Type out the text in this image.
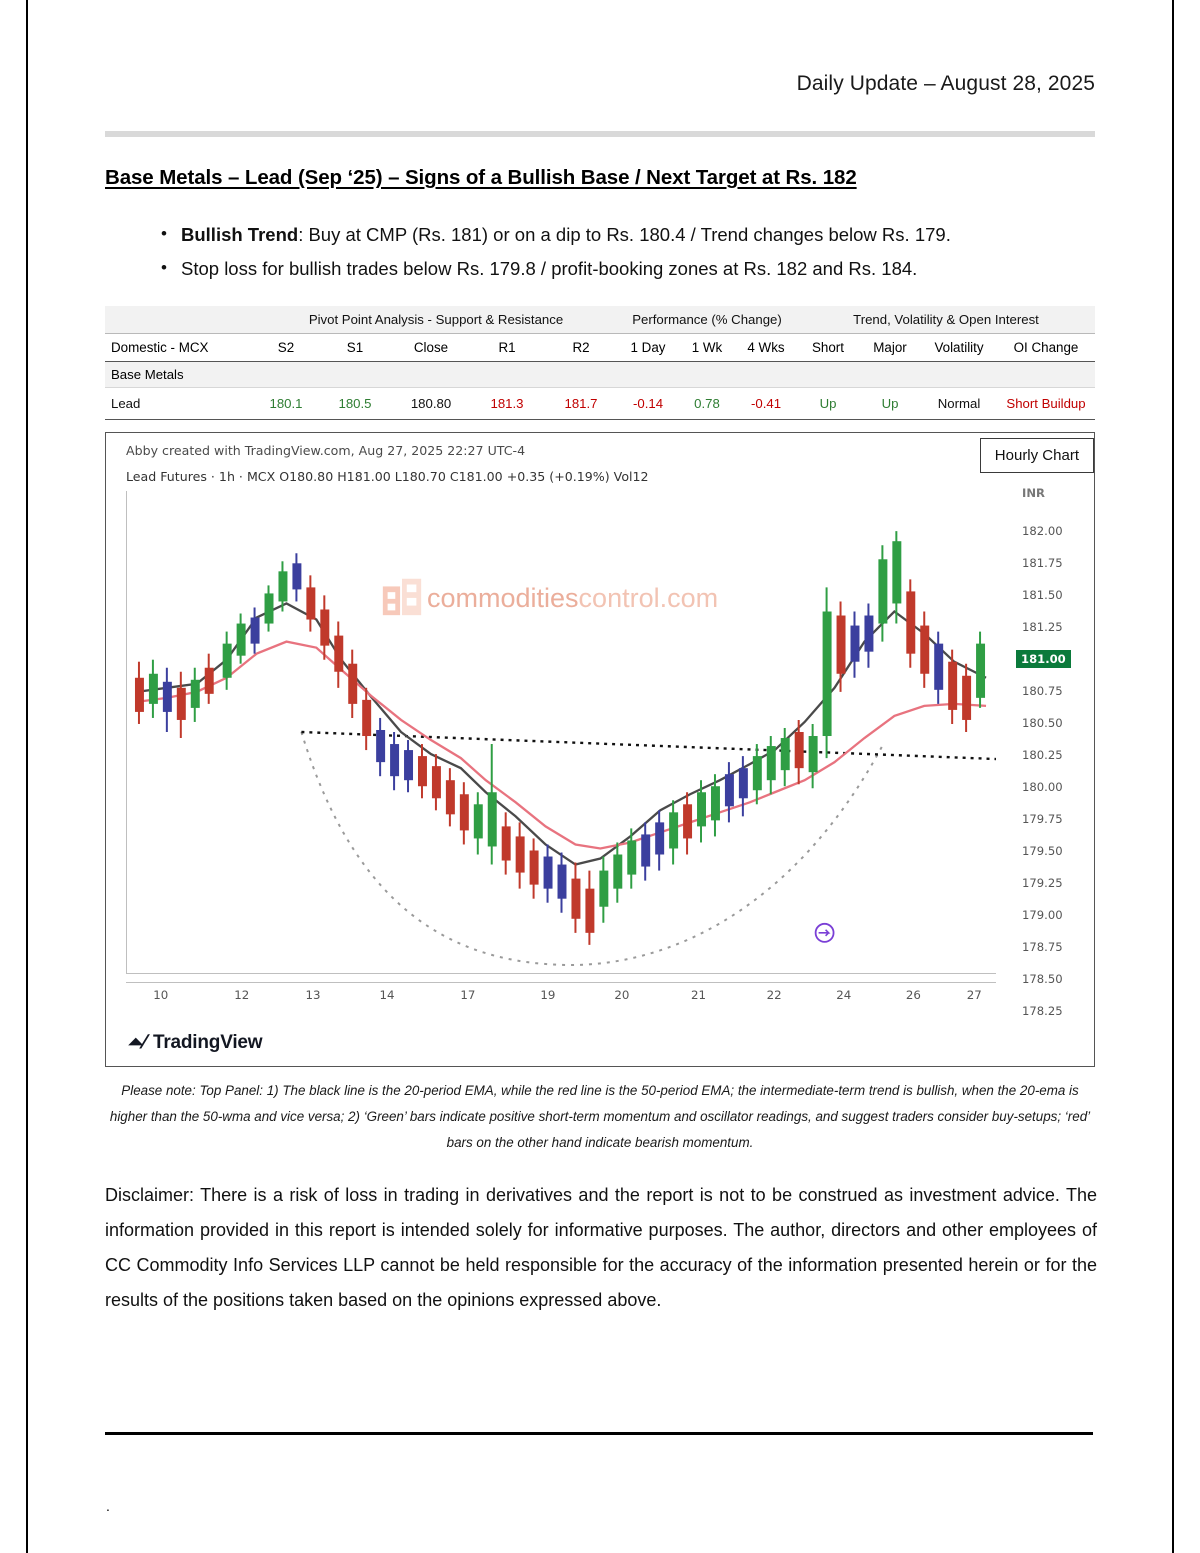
Daily Update – August 28, 2025
Base Metals – Lead (Sep ‘25) – Signs of a Bullish Base / Next Target at Rs. 182
• Bullish Trend: Buy at CMP (Rs. 181) or on a dip to Rs. 180.4 / Trend changes below Rs. 179.
• Stop loss for bullish trades below Rs. 179.8 / profit-booking zones at Rs. 182 and Rs. 184.
	Pivot Point Analysis - Support & Resistance					Performance (% Change)			Trend, Volatility & Open Interest			
Domestic - MCX	S2	S1	Close	R1	R2	1 Day	1 Wk	4 Wks	Short	Major	Volatility	OI Change
Base Metals												
Lead	180.1	180.5	180.80	181.3	181.7	-0.14	0.78	-0.41	Up	Up	Normal	Short Buildup
Abby created with TradingView.com, Aug 27, 2025 22:27 UTC-4
Lead Futures · 1h · MCX O180.80 H181.00 L180.70 C181.00 +0.35 (+0.19%) Vol12
Hourly Chart
commoditiescontrol.com
INR
182.00
181.75
181.50
181.25
181.00
180.75
180.50
180.25
180.00
179.75
179.50
179.25
179.00
178.75
178.50
178.25
10	12	13	14	17	19	20	21	22	24	26	27
⏶⁄ TradingView
Please note: Top Panel: 1) The black line is the 20-period EMA, while the red line is the 50-period EMA; the intermediate-term trend is bullish, when the 20-ema is higher than the 50-wma and vice versa; 2) ‘Green’ bars indicate positive short-term momentum and oscillator readings, and suggest traders consider buy-setups; ‘red’ bars on the other hand indicate bearish momentum.
Disclaimer: There is a risk of loss in trading in derivatives and the report is not to be construed as investment advice. The information provided in this report is intended solely for informative purposes. The author, directors and other employees of CC Commodity Info Services LLP cannot be held responsible for the accuracy of the information presented herein or for the results of the positions taken based on the opinions expressed above.
.
